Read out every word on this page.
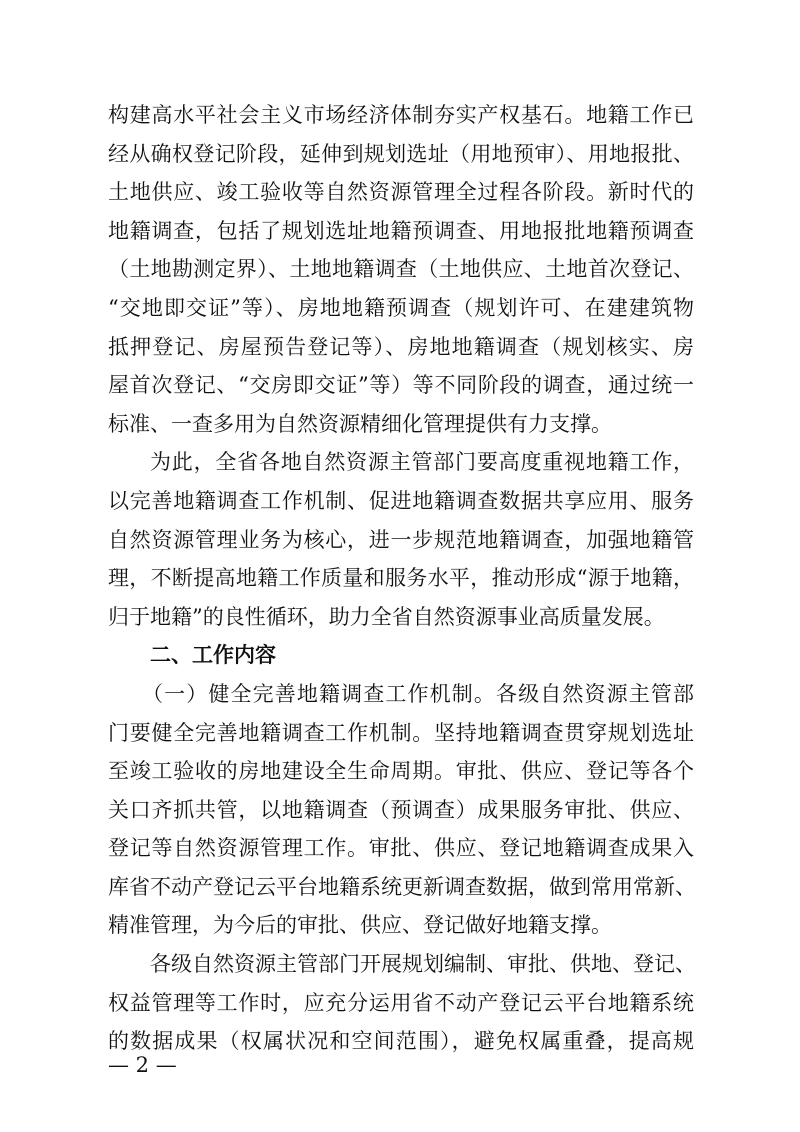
构建高水平社会主义市场经济体制夯实产权基石。地籍工作已
经从确权登记阶段，延伸到规划选址（用地预审）、用地报批、
土地供应、竣工验收等自然资源管理全过程各阶段。新时代的
地籍调查，包括了规划选址地籍预调查、用地报批地籍预调查
（土地勘测定界）、土地地籍调查（土地供应、土地首次登记、
“交地即交证”等）、房地地籍预调查（规划许可、在建建筑物
抵押登记、房屋预告登记等）、房地地籍调查（规划核实、房
屋首次登记、“交房即交证”等）等不同阶段的调查，通过统一
标准、一查多用为自然资源精细化管理提供有力支撑。
为此，全省各地自然资源主管部门要高度重视地籍工作，
以完善地籍调查工作机制、促进地籍调查数据共享应用、服务
自然资源管理业务为核心，进一步规范地籍调查，加强地籍管
理，不断提高地籍工作质量和服务水平，推动形成“源于地籍，
归于地籍”的良性循环，助力全省自然资源事业高质量发展。
二、工作内容
（一）健全完善地籍调查工作机制。各级自然资源主管部
门要健全完善地籍调查工作机制。坚持地籍调查贯穿规划选址
至竣工验收的房地建设全生命周期。审批、供应、登记等各个
关口齐抓共管，以地籍调查（预调查）成果服务审批、供应、
登记等自然资源管理工作。审批、供应、登记地籍调查成果入
库省不动产登记云平台地籍系统更新调查数据，做到常用常新、
精准管理，为今后的审批、供应、登记做好地籍支撑。
各级自然资源主管部门开展规划编制、审批、供地、登记、
权益管理等工作时，应充分运用省不动产登记云平台地籍系统
的数据成果（权属状况和空间范围），避免权属重叠，提高规
— 2 —
